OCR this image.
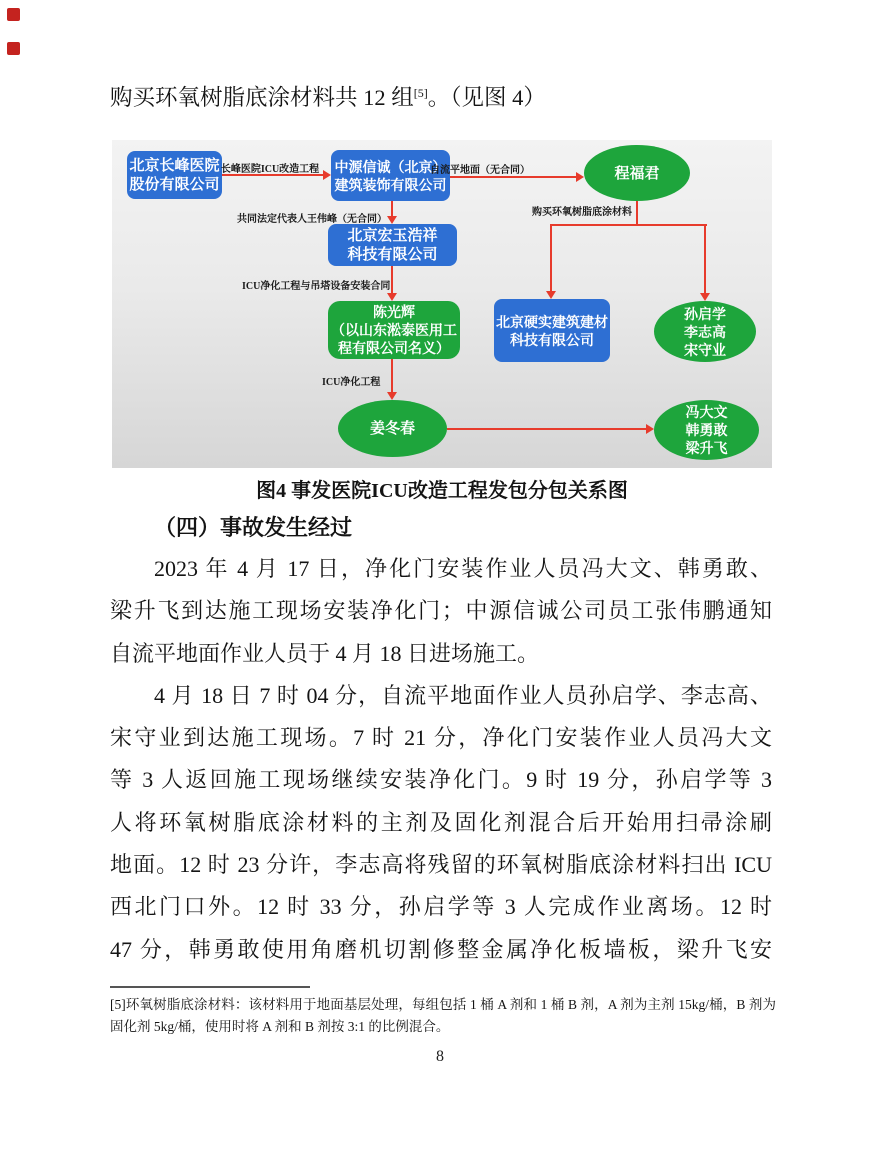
购买环氧树脂底涂材料共 12 组[5]。（见图 4）
北京长峰医院
股份有限公司
中源信诚（北京）
建筑装饰有限公司
程福君
北京宏玉浩祥
科技有限公司
陈光辉
（以山东淞泰医用工
程有限公司名义）
北京硬实建筑建材
科技有限公司
孙启学
李志高
宋守业
姜冬春
冯大文
韩勇敢
梁升飞
长峰医院ICU改造工程	自流平地面（无合同）
共同法定代表人王伟峰（无合同）
ICU净化工程与吊塔设备安装合同
ICU净化工程
购买环氧树脂底涂材料
图4 事发医院ICU改造工程发包分包关系图
（四）事故发生经过
2023 年 4 月 17 日，净化门安装作业人员冯大文、韩勇敢、
梁升飞到达施工现场安装净化门；中源信诚公司员工张伟鹏通知
自流平地面作业人员于 4 月 18 日进场施工。
4 月 18 日 7 时 04 分，自流平地面作业人员孙启学、李志高、
宋守业到达施工现场。7 时 21 分，净化门安装作业人员冯大文
等 3 人返回施工现场继续安装净化门。9 时 19 分，孙启学等 3
人将环氧树脂底涂材料的主剂及固化剂混合后开始用扫帚涂刷
地面。12 时 23 分许，李志高将残留的环氧树脂底涂材料扫出 ICU
西北门口外。12 时 33 分，孙启学等 3 人完成作业离场。12 时
47 分，韩勇敢使用角磨机切割修整金属净化板墙板，梁升飞安
[5]环氧树脂底涂材料：该材料用于地面基层处理，每组包括 1 桶 A 剂和 1 桶 B 剂，A 剂为主剂 15kg/桶，B 剂为
固化剂 5kg/桶，使用时将 A 剂和 B 剂按 3:1 的比例混合。
8
